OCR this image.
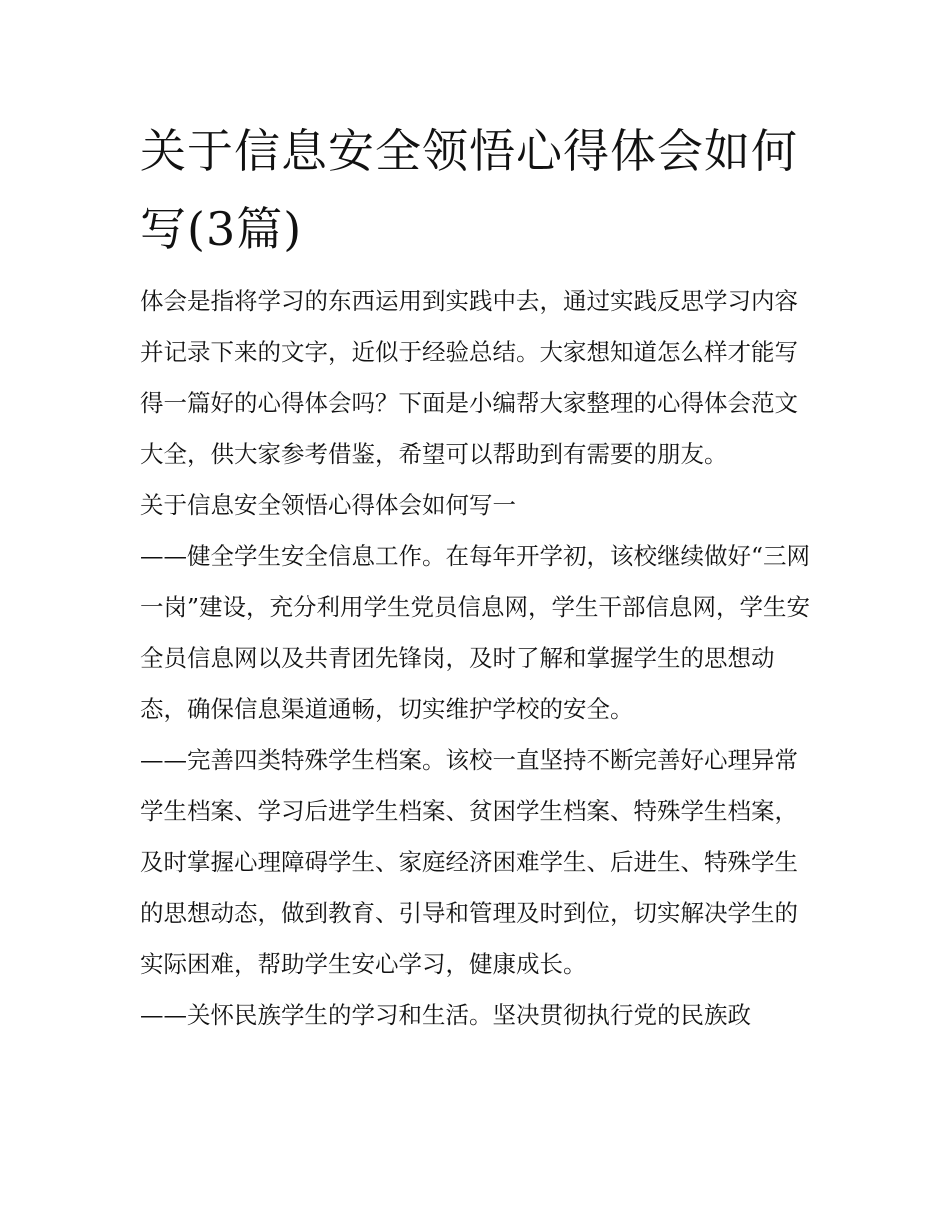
关于信息安全领悟心得体会如何写(3篇)

体会是指将学习的东西运用到实践中去，通过实践反思学习内容并记录下来的文字，近似于经验总结。大家想知道怎么样才能写得一篇好的心得体会吗？下面是小编帮大家整理的心得体会范文大全，供大家参考借鉴，希望可以帮助到有需要的朋友。

关于信息安全领悟心得体会如何写一

——健全学生安全信息工作。在每年开学初，该校继续做好“三网一岗”建设，充分利用学生党员信息网，学生干部信息网，学生安全员信息网以及共青团先锋岗，及时了解和掌握学生的思想动态，确保信息渠道通畅，切实维护学校的安全。

——完善四类特殊学生档案。该校一直坚持不断完善好心理异常学生档案、学习后进学生档案、贫困学生档案、特殊学生档案，及时掌握心理障碍学生、家庭经济困难学生、后进生、特殊学生的思想动态，做到教育、引导和管理及时到位，切实解决学生的实际困难，帮助学生安心学习，健康成长。

——关怀民族学生的学习和生活。坚决贯彻执行党的民族政
